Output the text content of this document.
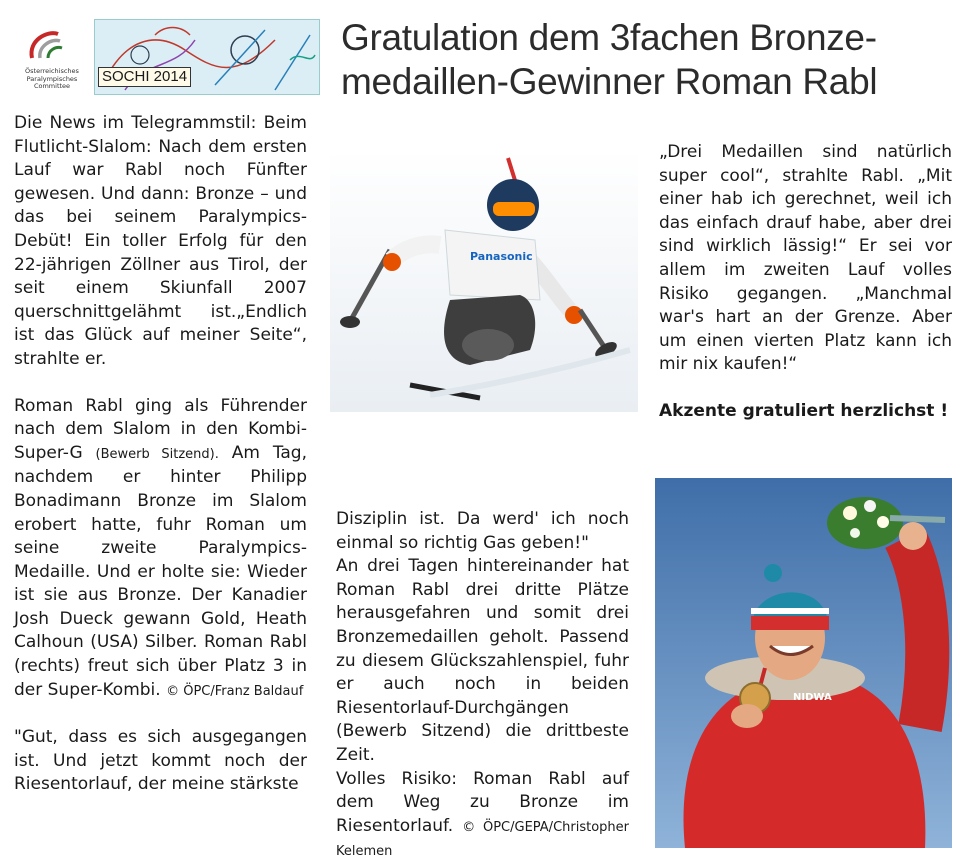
Österreichisches
Paralympisches
Committee
SOCHI 2014
Gratulation dem 3fachen Bronze-
medaillen-Gewinner Roman Rabl

Die News im Telegrammstil: Beim Flutlicht-Slalom: Nach dem ersten Lauf war Rabl noch Fünfter gewesen. Und dann: Bronze – und das bei seinem Paralympics-Debüt! Ein toller Erfolg für den 22-jährigen Zöllner aus Tirol, der seit einem Skiunfall 2007 querschnittgelähmt ist.„Endlich ist das Glück auf meiner Seite“, strahlte er.

Roman Rabl ging als Führender nach dem Slalom in den Kombi-Super-G (Bewerb Sitzend). Am Tag, nachdem er hinter Philipp Bonadimann Bronze im Slalom erobert hatte, fuhr Roman um seine zweite Paralympics-Medaille. Und er holte sie: Wieder ist sie aus Bronze. Der Kanadier Josh Dueck gewann Gold, Heath Calhoun (USA) Silber. Roman Rabl (rechts) freut sich über Platz 3 in der Super-Kombi. © ÖPC/Franz Baldauf

"Gut, dass es sich ausgegangen ist. Und jetzt kommt noch der Riesentorlauf, der meine stärkste

Panasonic

Disziplin ist. Da werd' ich noch einmal so richtig Gas geben!"

An drei Tagen hintereinander hat Roman Rabl drei dritte Plätze herausgefahren und somit drei Bronzemedaillen geholt. Passend zu diesem Glückszahlenspiel, fuhr er auch noch in beiden Riesentorlauf-Durchgängen (Bewerb Sitzend) die drittbeste Zeit.

Volles Risiko: Roman Rabl auf dem Weg zu Bronze im Riesentorlauf. © ÖPC/GEPA/Christopher Kelemen

„Drei Medaillen sind natürlich super cool“, strahlte Rabl. „Mit einer hab ich gerechnet, weil ich das einfach drauf habe, aber drei sind wirklich lässig!“ Er sei vor allem im zweiten Lauf volles Risiko gegangen. „Manchmal war's hart an der Grenze. Aber um einen vierten Platz kann ich mir nix kaufen!“

Akzente gratuliert herzlichst !

NIDWA
